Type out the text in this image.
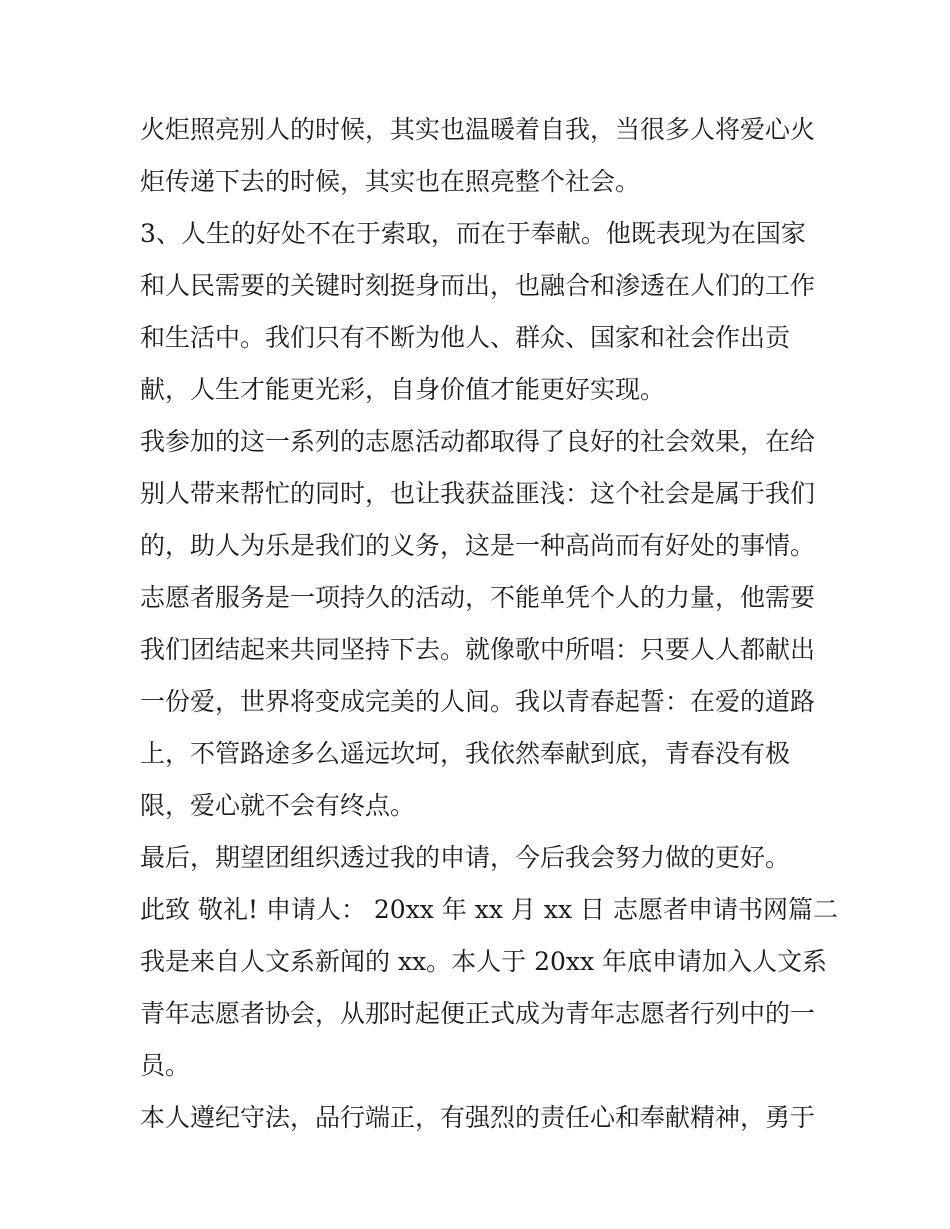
火炬照亮别人的时候，其实也温暖着自我，当很多人将爱心火
炬传递下去的时候，其实也在照亮整个社会。
3、人生的好处不在于索取，而在于奉献。他既表现为在国家
和人民需要的关键时刻挺身而出，也融合和渗透在人们的工作
和生活中。我们只有不断为他人、群众、国家和社会作出贡
献，人生才能更光彩，自身价值才能更好实现。
我参加的这一系列的志愿活动都取得了良好的社会效果，在给
别人带来帮忙的同时，也让我获益匪浅：这个社会是属于我们
的，助人为乐是我们的义务，这是一种高尚而有好处的事情。
志愿者服务是一项持久的活动，不能单凭个人的力量，他需要
我们团结起来共同坚持下去。就像歌中所唱：只要人人都献出
一份爱，世界将变成完美的人间。我以青春起誓：在爱的道路
上，不管路途多么遥远坎坷，我依然奉献到底，青春没有极
限，爱心就不会有终点。
最后，期望团组织透过我的申请，今后我会努力做的更好。
此致 敬礼! 申请人： 20xx 年 xx 月 xx 日 志愿者申请书网篇二
我是来自人文系新闻的 xx。本人于 20xx 年底申请加入人文系
青年志愿者协会，从那时起便正式成为青年志愿者行列中的一
员。
本人遵纪守法，品行端正，有强烈的责任心和奉献精神，勇于
